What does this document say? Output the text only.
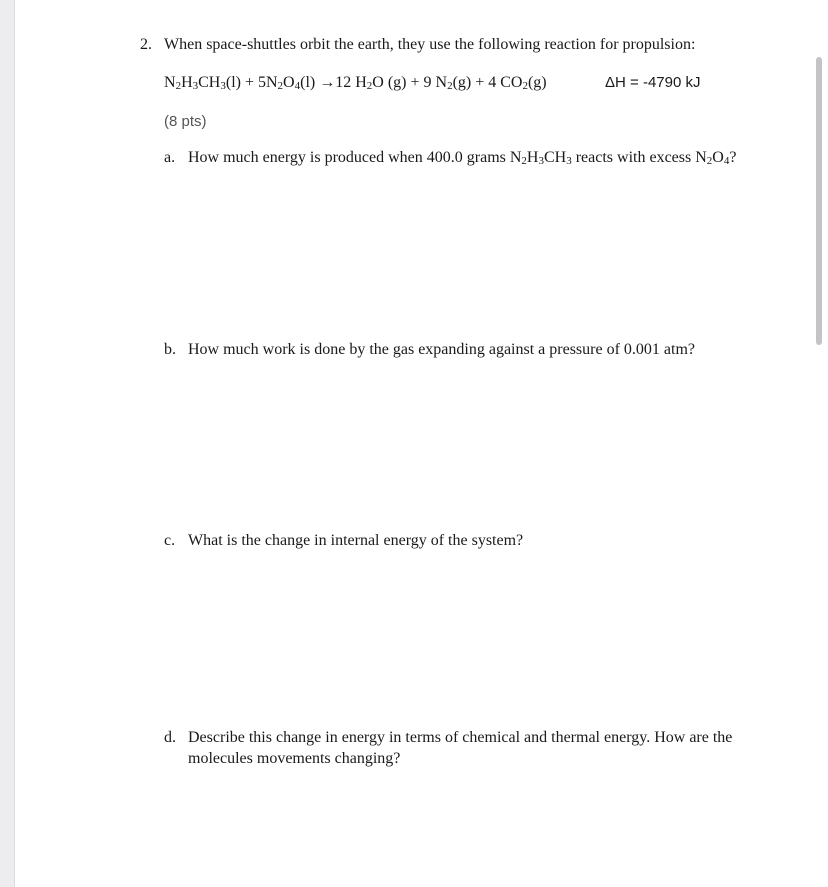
2. When space-shuttles orbit the earth, they use the following reaction for propulsion:
$N_2H_3CH_3(l) + 5N_2O_4(l) \to 12$ $H_2O$ (g) + 9 $N_2(g) + 4$ $CO_2(g)$	ΔH = -4790 kJ
(8 pts)
a. How much energy is produced when 400.0 grams $N_2H_3CH_3$ reacts with excess $N_2O_4$?
b. How much work is done by the gas expanding against a pressure of 0.001 atm?
c. What is the change in internal energy of the system?
d. Describe this change in energy in terms of chemical and thermal energy. How are the molecules movements changing?
